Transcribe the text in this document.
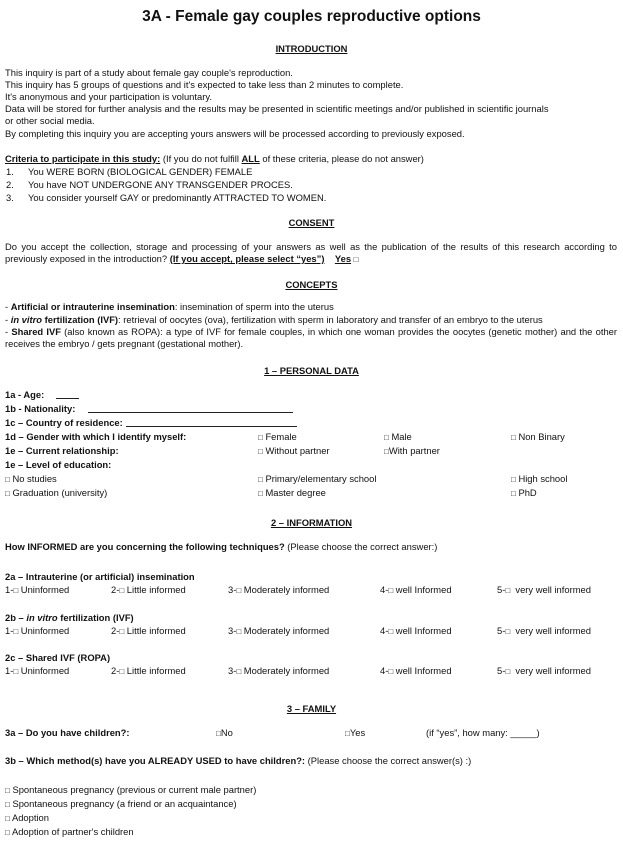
3A - Female gay couples reproductive options
INTRODUCTION
This inquiry is part of a study about female gay couple's reproduction.
This inquiry has 5 groups of questions and it's expected to take less than 2 minutes to complete.
It's anonymous and your participation is voluntary.
Data will be stored for further analysis and the results may be presented in scientific meetings and/or published in scientific journals
or other social media.
By completing this inquiry you are accepting yours answers will be processed according to previously exposed.
Criteria to participate in this study: (If you do not fulfill ALL of these criteria, please do not answer)
1. You WERE BORN (BIOLOGICAL GENDER) FEMALE
2. You have NOT UNDERGONE ANY TRANSGENDER PROCES.
3. You consider yourself GAY or predominantly ATTRACTED TO WOMEN.
CONSENT
Do you accept the collection, storage and processing of your answers as well as the publication of the results of this research according to previously exposed in the introduction? (If you accept, please select “yes”) Yes □
CONCEPTS
- Artificial or intrauterine insemination: insemination of sperm into the uterus
- in vitro fertilization (IVF): retrieval of oocytes (ova), fertilization with sperm in laboratory and transfer of an embryo to the uterus
- Shared IVF (also known as ROPA): a type of IVF for female couples, in which one woman provides the oocytes (genetic mother) and the other receives the embryo / gets pregnant (gestational mother).
1 – PERSONAL DATA
1a - Age:
1b - Nationality:
1c – Country of residence:
1d – Gender with which I identify myself:	□ Female	□ Male	□ Non Binary
1e – Current relationship:	□ Without partner	□With partner
1e – Level of education:
□ No studies	□ Primary/elementary school	□ High school
□ Graduation (university)	□ Master degree	□ PhD
2 – INFORMATION
How INFORMED are you concerning the following techniques? (Please choose the correct answer:)
2a – Intrauterine (or artificial) insemination
1-□ Uninformed	2-□ Little informed	3-□ Moderately informed	4-□ well Informed	5-□ very well informed
2b – in vitro fertilization (IVF)
1-□ Uninformed	2-□ Little informed	3-□ Moderately informed	4-□ well Informed	5-□ very well informed
2c – Shared IVF (ROPA)
1-□ Uninformed	2-□ Little informed	3-□ Moderately informed	4-□ well Informed	5-□ very well informed
3 – FAMILY
3a – Do you have children?:	□No	□Yes	(if “yes”, how many: _____)
3b – Which method(s) have you ALREADY USED to have children?: (Please choose the correct answer(s) :)
□ Spontaneous pregnancy (previous or current male partner)
□ Spontaneous pregnancy (a friend or an acquaintance)
□ Adoption
□ Adoption of partner's children
